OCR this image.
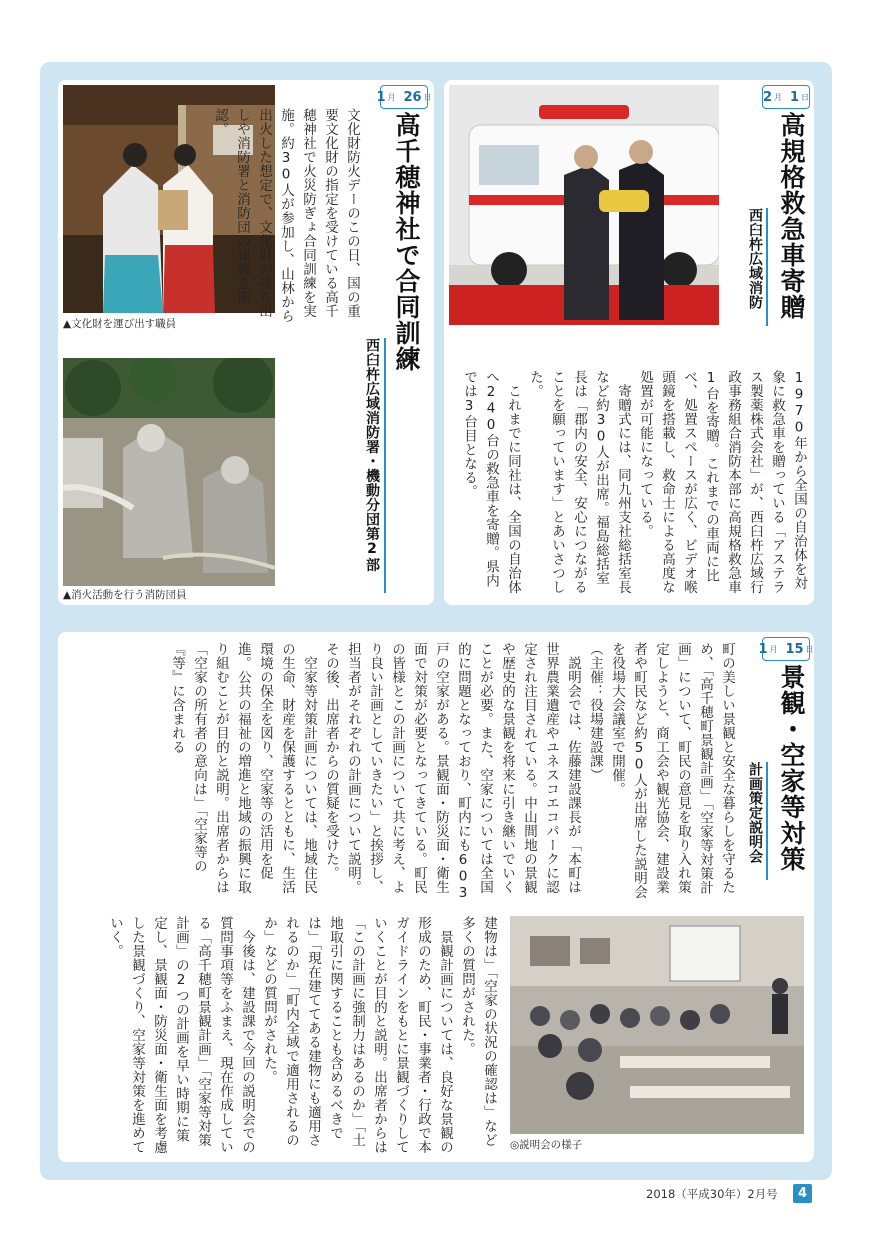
▲文化財を運び出す職員
▲消火活動を行う消防団員
1 月 26 日
高千穂神社で合同訓練
西臼杵広域消防署・機動分団第2部
文化財防火デーのこの日、国の重要文化財の指定を受けている高千穂神社で火災防ぎょ合同訓練を実施。約30人が参加し、山林から出火した想定で、文化財の持ち出しや消防署と消防団の連携を確認。
2 月 1 日
高規格救急車寄贈
西臼杵広域消防
1970年から全国の自治体を対象に救急車を贈っている「アステラス製薬株式会社」が、西臼杵広域行政事務組合消防本部に高規格救急車1台を寄贈。これまでの車両に比べ、処置スペースが広く、ビデオ喉頭鏡を搭載し、救命士による高度な処置が可能になっている。
　寄贈式には、同九州支社総括室長など約30人が出席。福島総括室長は「郡内の安全、安心につながることを願っています」とあいさつした。
　これまでに同社は、全国の自治体へ240台の救急車を寄贈。県内では3台目となる。
1 月 15 日
景観・空家等対策
計画策定説明会
町の美しい景観と安全な暮らしを守るため、「高千穂町景観計画」「空家等対策計画」について、町民の意見を取り入れ策定しようと、商工会や観光協会、建設業者や町民など約50人が出席した説明会を役場大会議室で開催。
（主催：役場建設課）
　説明会では、佐藤建設課長が「本町は世界農業遺産やユネスコエコパークに認定され注目されている。中山間地の景観や歴史的な景観を将来に引き継いでいくことが必要。また、空家については全国的に問題となっており、町内にも603戸の空家がある。景観面・防災面・衛生面で対策が必要となってきている。町民の皆様とこの計画について共に考え、より良い計画としていきたい」と挨拶し、担当者がそれぞれの計画について説明。その後、出席者からの質疑を受けた。
　空家等対策計画については、地域住民の生命、財産を保護するとともに、生活環境の保全を図り、空家等の活用を促進。公共の福祉の増進と地域の振興に取り組むことが目的と説明。出席者からは「空家の所有者の意向は」「空家等の『等』に含まれる
◎説明会の様子
建物は」「空家の状況の確認は」など多くの質問がされた。
　景観計画については、良好な景観の形成のため、町民・事業者・行政で本ガイドラインをもとに景観づくりしていくことが目的と説明。出席者からは「この計画に強制力はあるのか」「土地取引に関することも含めるべきでは」「現在建ててある建物にも適用されるのか」「町内全域で適用されるのか」などの質問がされた。
　今後は、建設課で今回の説明会での質問事項等をふまえ、現在作成している「高千穂町景観計画」「空家等対策計画」の2つの計画を早い時期に策定し、景観面・防災面・衛生面を考慮した景観づくり、空家等対策を進めていく。
2018（平成30年）2月号	4
